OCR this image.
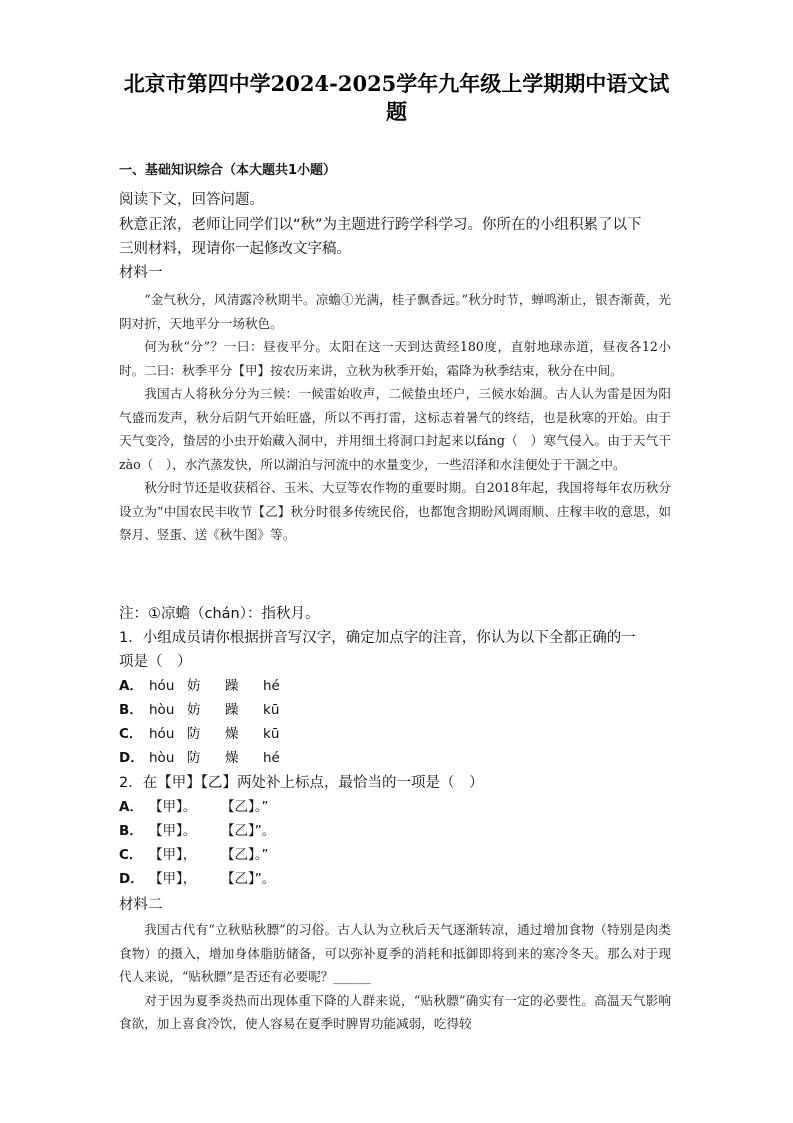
北京市第四中学2024-2025学年九年级上学期期中语文试
题
一、基础知识综合（本大题共1小题）
阅读下文，回答问题。
秋意正浓，老师让同学们以“秋”为主题进行跨学科学习。你所在的小组积累了以下
三则材料，现请你一起修改文字稿。
材料一

“金气秋分，风清露冷秋期半。凉蟾①光满，桂子飘香远。”秋分时节，蝉鸣渐止，银杏渐黄，光阴对折，天地平分一场秋色。

何为秋“分”？一曰：昼夜平分。太阳在这一天到达黄经180度，直射地球赤道，昼夜各12小时。二曰：秋季平分【甲】按农历来讲，立秋为秋季开始，霜降为秋季结束，秋分在中间。

我国古人将秋分分为三候：一候雷始收声，二候蛰虫坯户，三候水始涸。古人认为雷是因为阳气盛而发声，秋分后阴气开始旺盛，所以不再打雷，这标志着暑气的终结，也是秋寒的开始。由于天气变冷，蛰居的小虫开始藏入洞中，并用细土将洞口封起来以fáng（　）寒气侵入。由于天气干zào（　），水汽蒸发快，所以湖泊与河流中的水量变少，一些沼泽和水洼便处于干涸之中。

秋分时节还是收获稻谷、玉米、大豆等农作物的重要时期。自2018年起，我国将每年农历秋分设立为“中国农民丰收节【乙】秋分时很多传统民俗，也都饱含期盼风调雨顺、庄稼丰收的意思，如祭月、竖蛋、送《秋牛图》等。

注：①凉蟾（chán）：指秋月。
1．小组成员请你根据拼音写汉字，确定加点字的注音，你认为以下全都正确的一
项是（　）
A． hóu 妨 躁 hé
B． hòu 妨 躁 kū
C． hóu 防 燥 kū
D． hòu 防 燥 hé
2．在【甲】【乙】两处补上标点，最恰当的一项是（　）
A． 【甲】。 【乙】。”
B． 【甲】。 【乙】”。
C． 【甲】， 【乙】。”
D． 【甲】， 【乙】”。
材料二

我国古代有“立秋贴秋膘”的习俗。古人认为立秋后天气逐渐转凉，通过增加食物（特别是肉类食物）的摄入，增加身体脂肪储备，可以弥补夏季的消耗和抵御即将到来的寒冷冬天。那么对于现代人来说，“贴秋膘”是否还有必要呢？______

对于因为夏季炎热而出现体重下降的人群来说，“贴秋膘”确实有一定的必要性。高温天气影响食欲，加上喜食冷饮，使人容易在夏季时脾胃功能减弱，吃得较
